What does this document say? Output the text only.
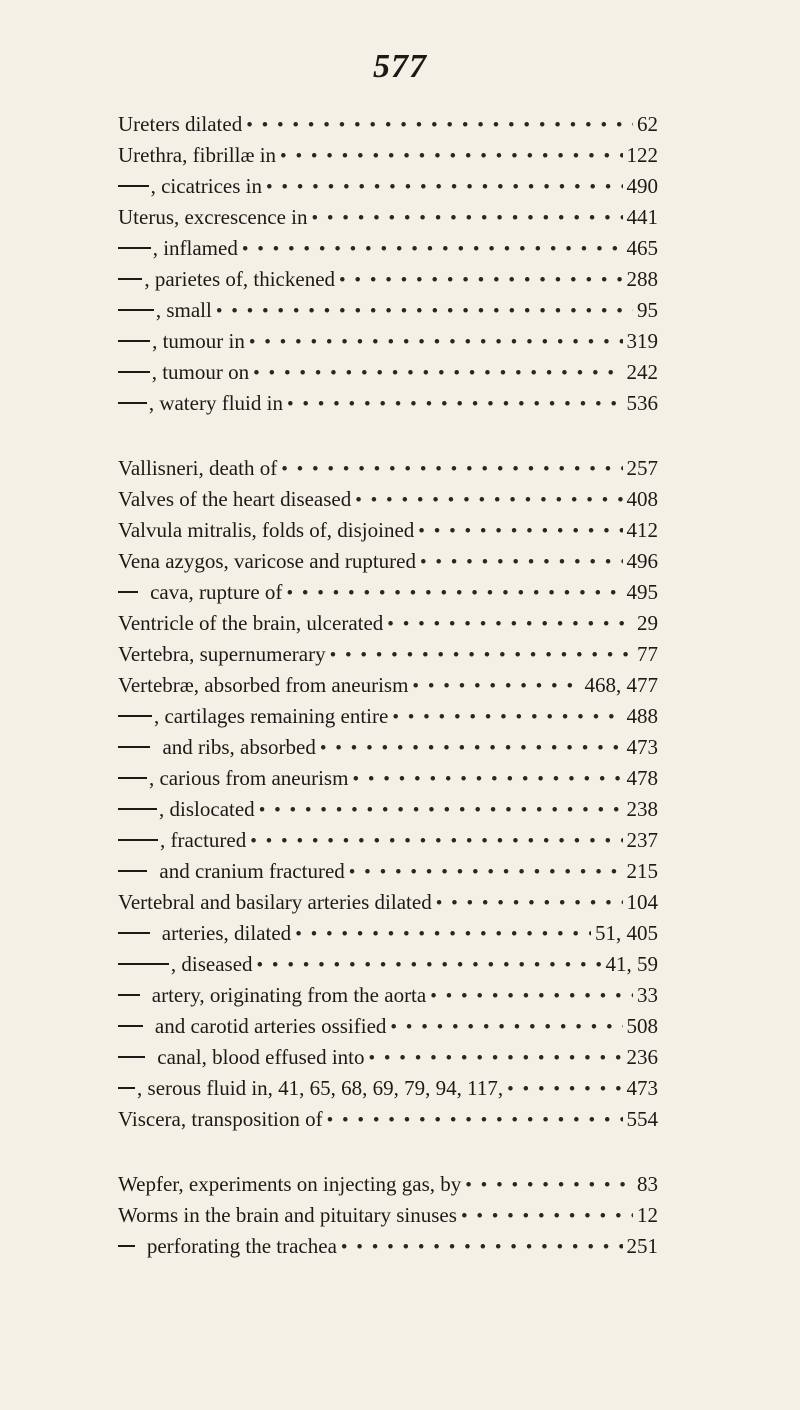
577
Ureters dilated • • •	62
Urethra, fibrillæ in • • •	122
, cicatrices in • • •	490
Uterus, excrescence in • • •	441
, inflamed • • •	465
, parietes of, thickened • • •	288
, small • • •	95
, tumour in • • •	319
, tumour on • • •	242
, watery fluid in • • •	536
Vallisneri, death of • • •	257
Valves of the heart diseased • • •	408
Valvula mitralis, folds of, disjoined • • •	412
Vena azygos, varicose and ruptured • • •	496
cava, rupture of • • •	495
Ventricle of the brain, ulcerated • • •	29
Vertebra, supernumerary • • •	77
Vertebræ, absorbed from aneurism • • •	468, 477
, cartilages remaining entire • • •	488
and ribs, absorbed • • •	473
, carious from aneurism • • •	478
, dislocated • • •	238
, fractured • • •	237
and cranium fractured • • •	215
Vertebral and basilary arteries dilated • • •	104
arteries, dilated • • •	51, 405
, diseased • • •	41, 59
artery, originating from the aorta • • •	33
and carotid arteries ossified • • •	508
canal, blood effused into • • •	236
, serous fluid in, 41, 65, 68, 69, 79, 94, 117, • • •	473
Viscera, transposition of • • •	554
Wepfer, experiments on injecting gas, by • • •	83
Worms in the brain and pituitary sinuses • • •	12
perforating the trachea • • •	251
